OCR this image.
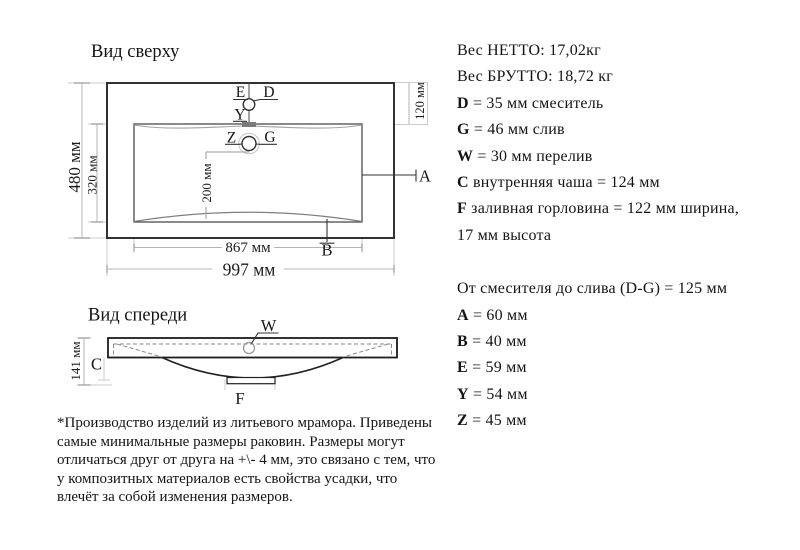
Вид сверху
E D
Y
Z G
A
B
480 мм 320 мм	200 мм
120 мм
867 мм
997 мм
Вид спереди	W
C
F
141 мм
Вес НЕТТО: 17,02кг
Вес БРУТТО: 18,72 кг
D = 35 мм смеситель
G = 46 мм слив
W = 30 мм перелив
C внутренняя чаша = 124 мм
F заливная горловина = 122 мм ширина,
17 мм высота
От смесителя до слива (D-G) = 125 мм
A = 60 мм
B = 40 мм
E = 59 мм
Y = 54 мм
Z = 45 мм
*Производство изделий из литьевого мрамора. Приведены
самые минимальные размеры раковин. Размеры могут
отличаться друг от друга на +\- 4 мм, это связано с тем, что
у композитных материалов есть свойства усадки, что
влечёт за собой изменения размеров.
